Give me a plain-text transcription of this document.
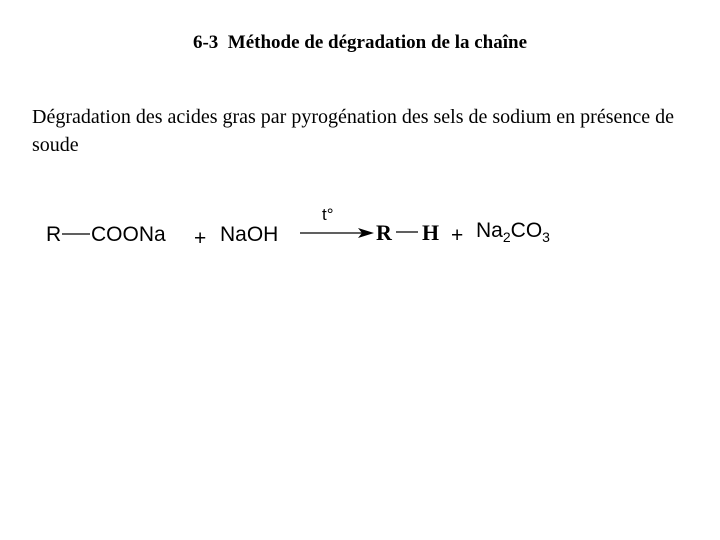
6-3 Méthode de dégradation de la chaîne

Dégradation des acides gras par pyrogénation des sels de sodium en présence de soude

R COONa + NaOH
t°
R $H + Na_2CO_3$
